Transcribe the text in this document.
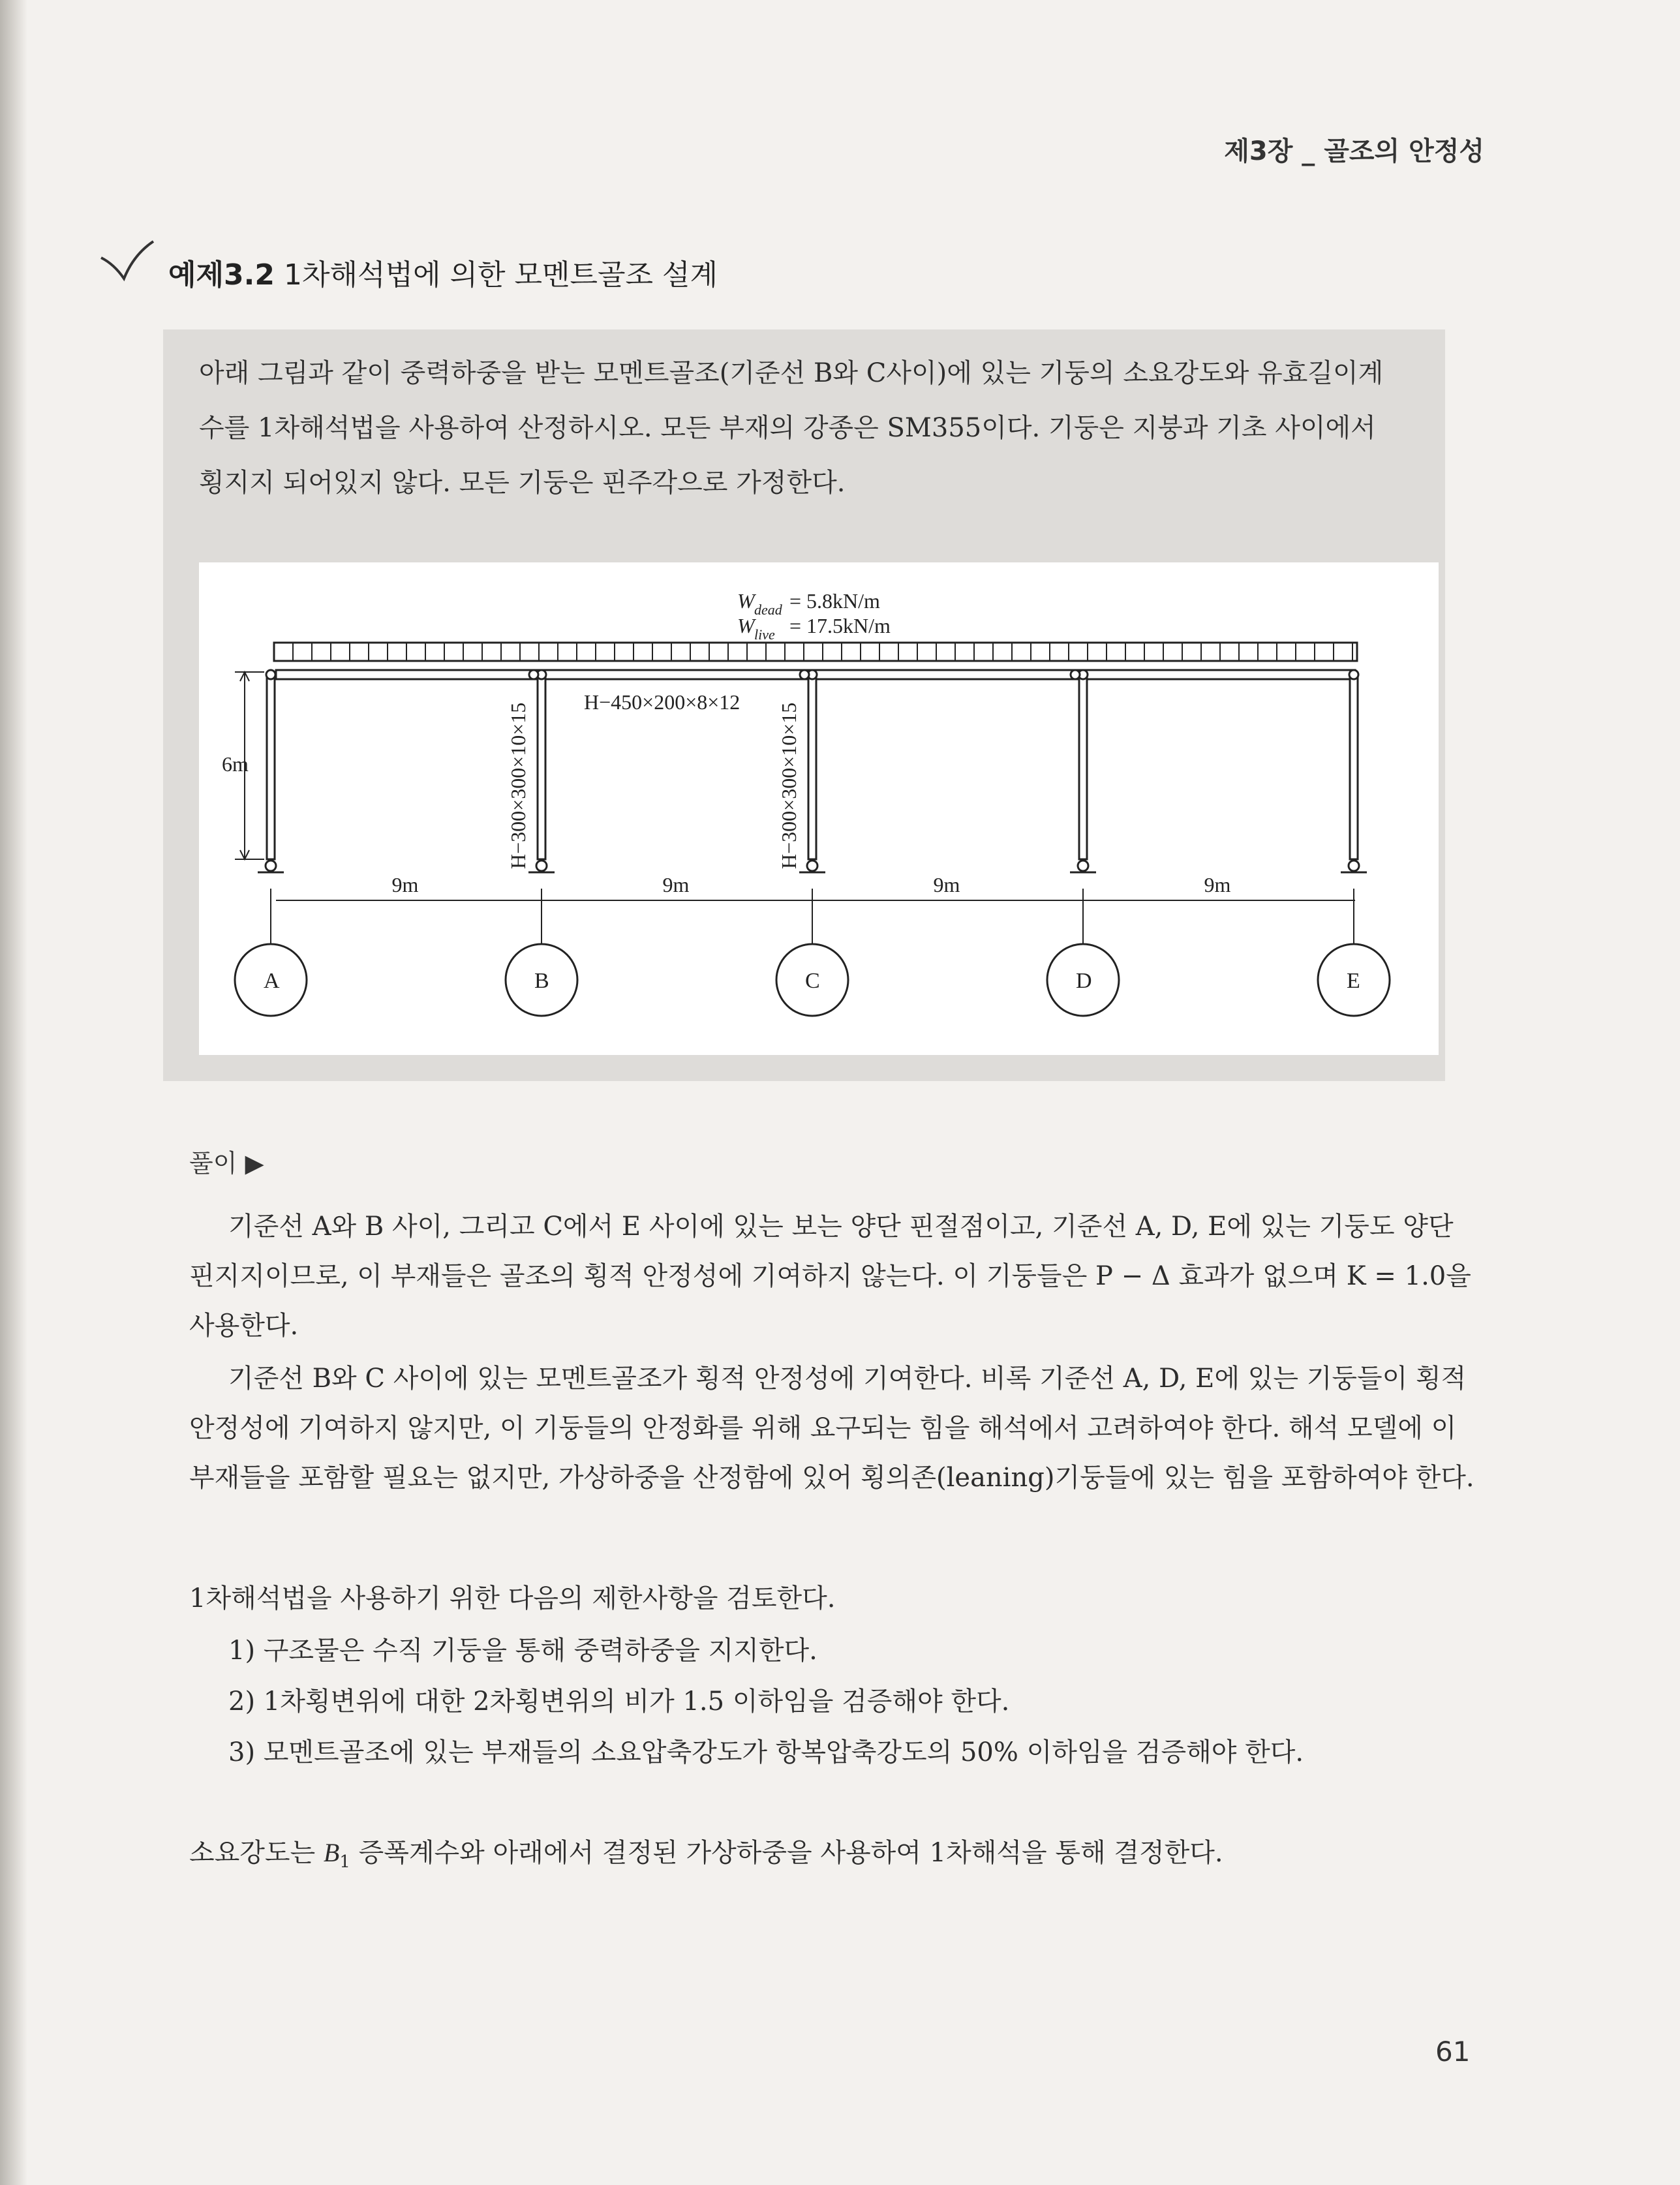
제3장 _ 골조의 안정성
예제3.2 1차해석법에 의한 모멘트골조 설계
아래 그림과 같이 중력하중을 받는 모멘트골조(기준선 B와 C사이)에 있는 기둥의 소요강도와 유효길이계
수를 1차해석법을 사용하여 산정하시오. 모든 부재의 강종은 SM355이다. 기둥은 지붕과 기초 사이에서
횡지지 되어있지 않다. 모든 기둥은 핀주각으로 가정한다.
W dead = 5.8kN/m
W live = 17.5kN/m
6m
H−450×200×8×12
H−300×300×10×15	H−300×300×10×15
9m	9m	9m	9m
A	B	C	D	E
풀이 ▶
기준선 A와 B 사이, 그리고 C에서 E 사이에 있는 보는 양단 핀절점이고, 기준선 A, D, E에 있는 기둥도 양단 핀지지이므로, 이 부재들은 골조의 횡적 안정성에 기여하지 않는다. 이 기둥들은 P − Δ 효과가 없으며 K = 1.0을 사용한다.
기준선 B와 C 사이에 있는 모멘트골조가 횡적 안정성에 기여한다. 비록 기준선 A, D, E에 있는 기둥들이 횡적 안정성에 기여하지 않지만, 이 기둥들의 안정화를 위해 요구되는 힘을 해석에서 고려하여야 한다. 해석 모델에 이 부재들을 포함할 필요는 없지만, 가상하중을 산정함에 있어 횡의존(leaning)기둥들에 있는 힘을 포함하여야 한다.
1차해석법을 사용하기 위한 다음의 제한사항을 검토한다.
1) 구조물은 수직 기둥을 통해 중력하중을 지지한다.
2) 1차횡변위에 대한 2차횡변위의 비가 1.5 이하임을 검증해야 한다.
3) 모멘트골조에 있는 부재들의 소요압축강도가 항복압축강도의 50% 이하임을 검증해야 한다.
소요강도는 $B_1$ 증폭계수와 아래에서 결정된 가상하중을 사용하여 1차해석을 통해 결정한다.
61
